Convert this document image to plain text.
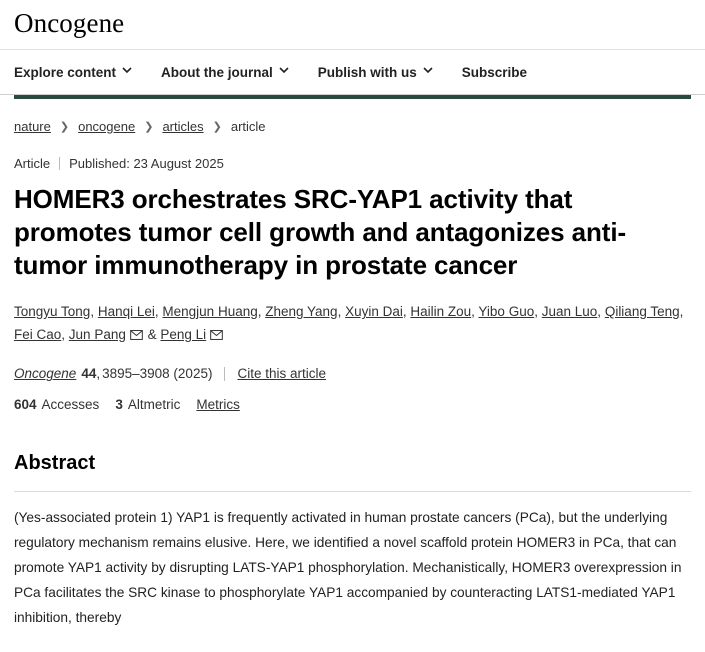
Oncogene
Explore content	About the journal	Publish with us	Subscribe
nature ❯ oncogene ❯ articles ❯ article
Article Published: 23 August 2025
HOMER3 orchestrates SRC-YAP1 activity that promotes tumor cell growth and antagonizes anti-tumor immunotherapy in prostate cancer
Tongyu Tong, Hanqi Lei, Mengjun Huang, Zheng Yang, Xuyin Dai, Hailin Zou, Yibo Guo, Juan Luo, Qiliang Teng, Fei Cao, Jun Pang & Peng Li
Oncogene 44 , 3895–3908 (2025) Cite this article
604 Accesses 3 Altmetric Metrics
Abstract

(Yes-associated protein 1) YAP1 is frequently activated in human prostate cancers (PCa), but the underlying regulatory mechanism remains elusive. Here, we identified a novel scaffold protein HOMER3 in PCa, that can promote YAP1 activity by disrupting LATS-YAP1 phosphorylation. Mechanistically, HOMER3 overexpression in PCa facilitates the SRC kinase to phosphorylate YAP1 accompanied by counteracting LATS1-mediated YAP1 inhibition, thereby
